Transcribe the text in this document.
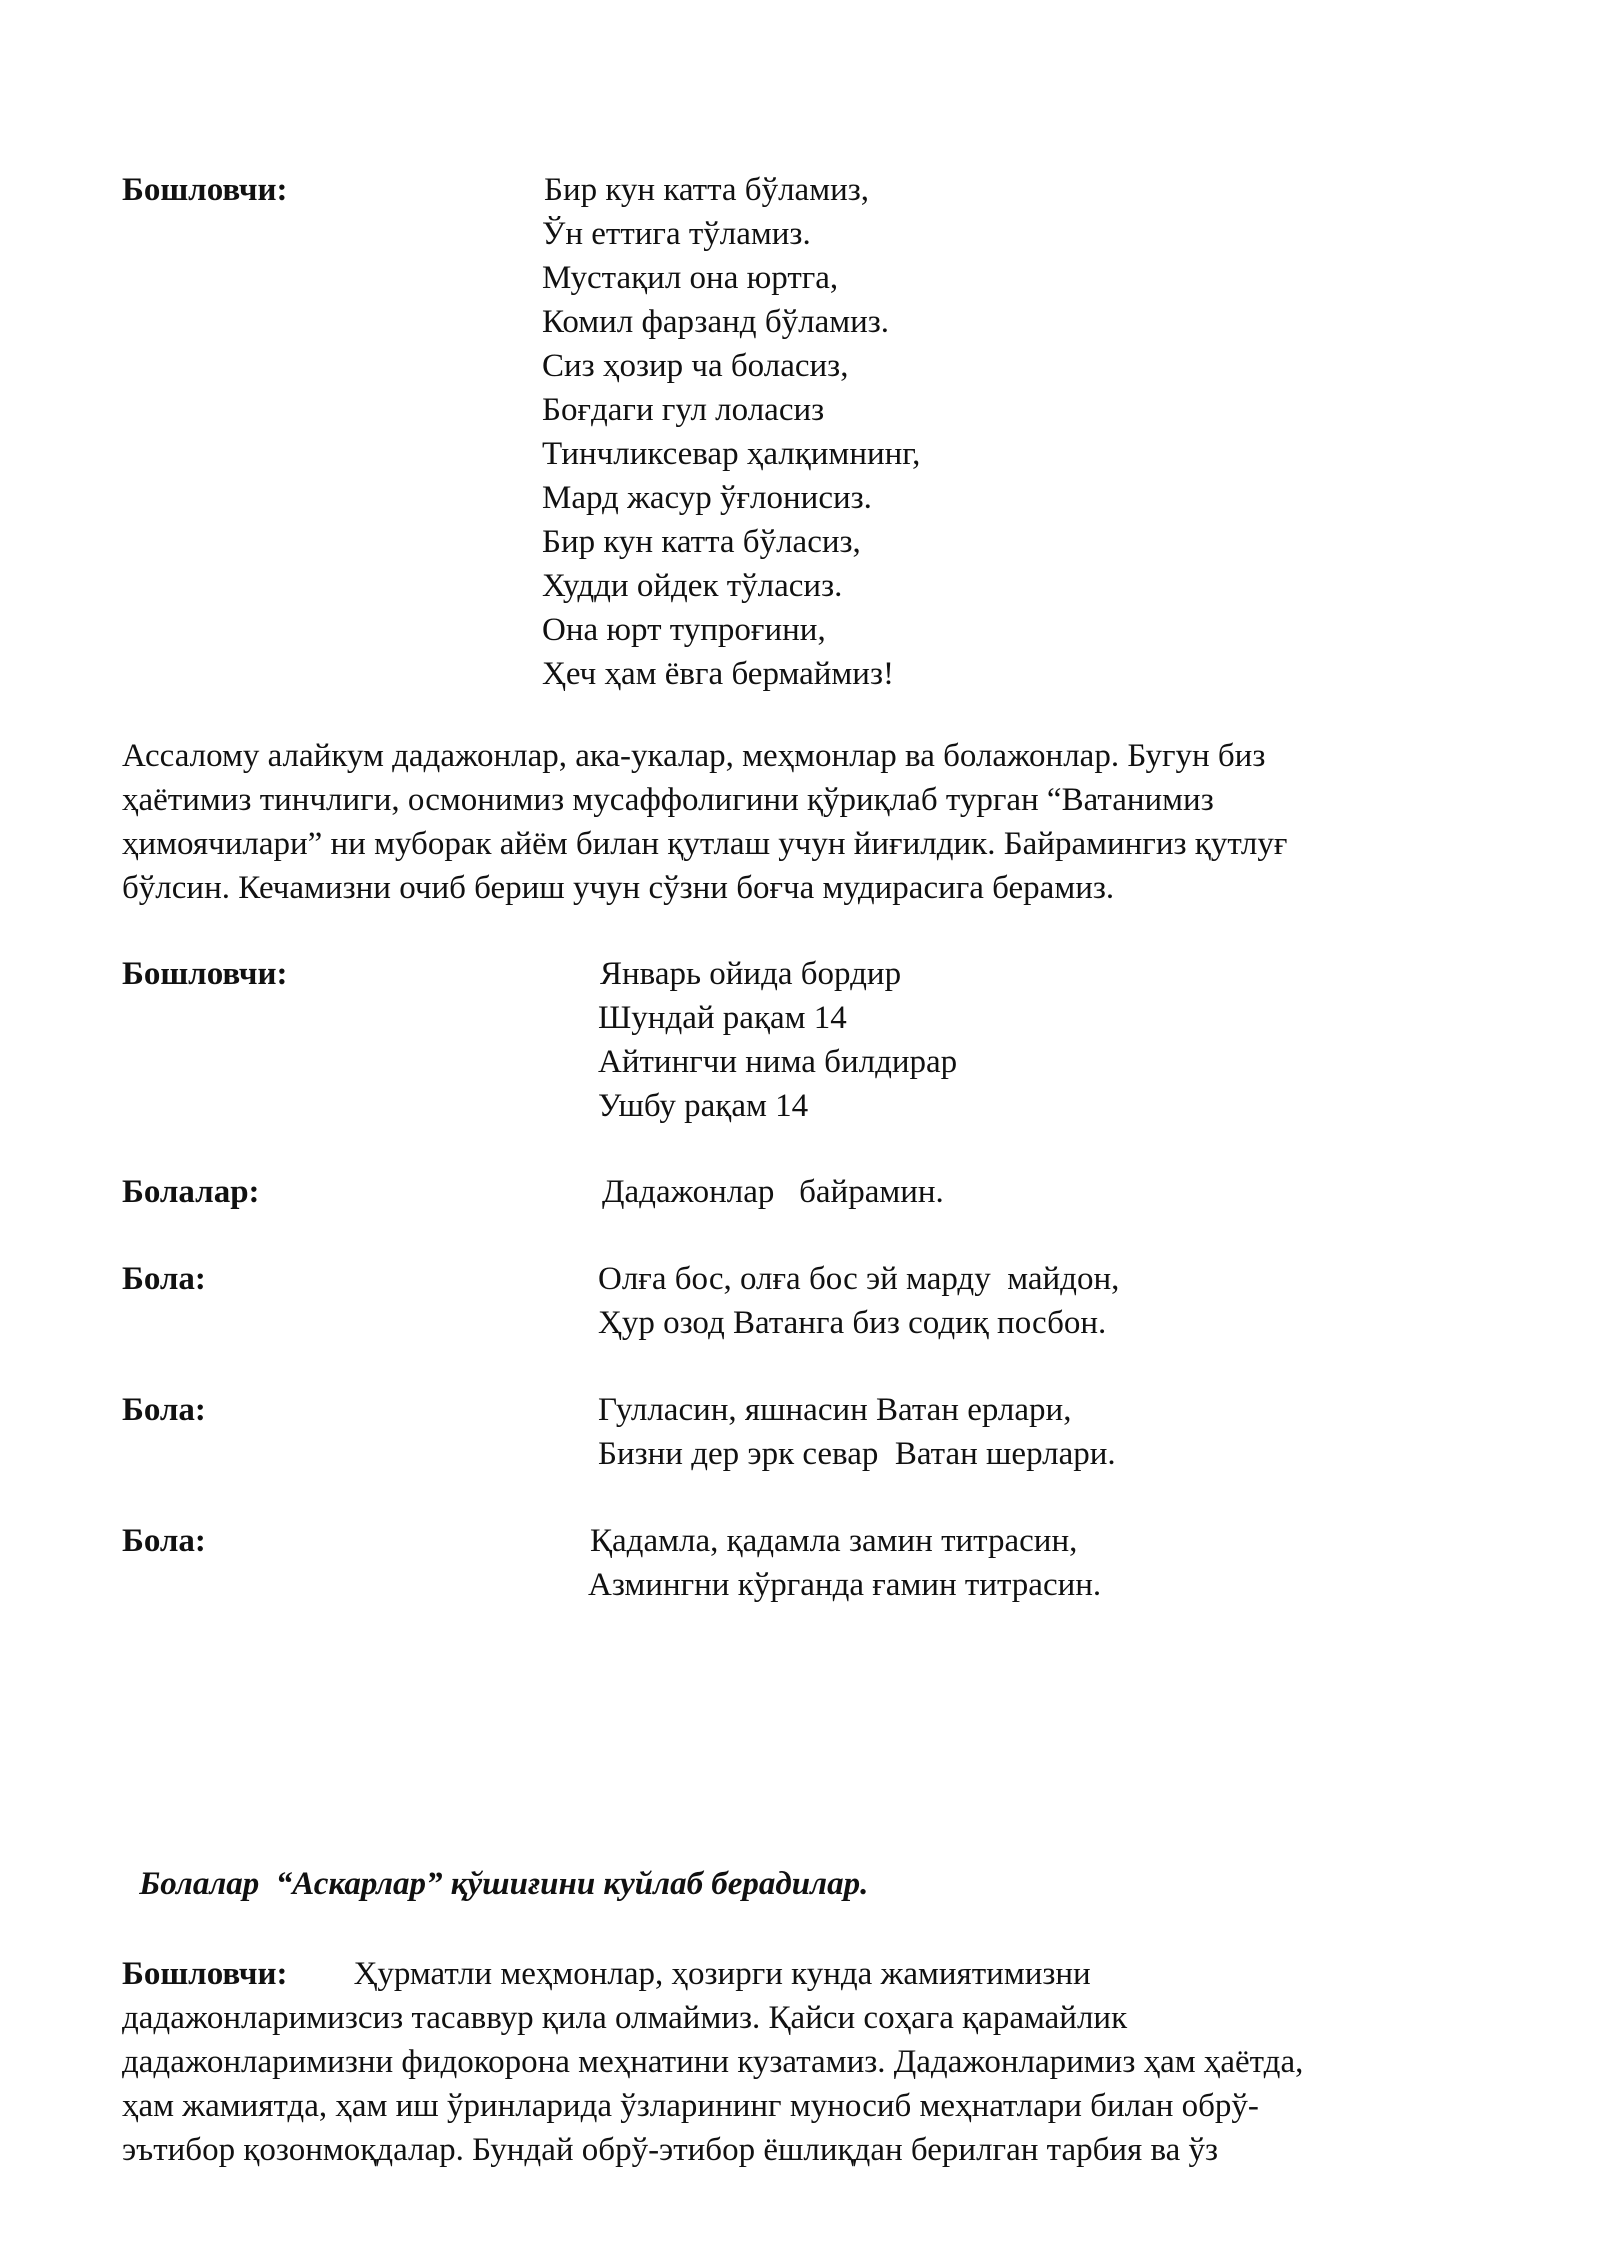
Бошловчи:	Бир кун катта бўламиз,
Ўн еттига тўламиз.
Мустақил она юртга,
Комил фарзанд бўламиз.
Сиз ҳозир ча боласиз,
Боғдаги гул лоласиз
Тинчликсевар ҳалқимнинг,
Мард жасур ўғлонисиз.
Бир кун катта бўласиз,
Худди ойдек тўласиз.
Она юрт тупроғини,
Ҳеч ҳам ёвга бермаймиз!
Ассалому алайкум дадажонлар, ака-укалар, меҳмонлар ва болажонлар. Бугун биз
ҳаётимиз тинчлиги, осмонимиз мусаффолигини қўриқлаб турган “Ватанимиз
ҳимоячилари” ни муборак айём билан қутлаш учун йиғилдик. Байрамингиз қутлуғ
бўлсин. Кечамизни очиб бериш учун сўзни боғча мудирасига берамиз.
Бошловчи:	Январь ойида бордир
Шундай рақам 14
Айтингчи нима билдирар
Ушбу рақам 14
Болалар:	Дадажонлар   байрамин.
Бола:	Олға бос, олға бос эй марду  майдон,
Ҳур озод Ватанга биз содиқ посбон.
Бола:	Гулласин, яшнасин Ватан ерлари,
Бизни дер эрк севар  Ватан шерлари.
Бола:	Қадамла, қадамла замин титрасин,
Азмингни кўрганда ғамин титрасин.
Болалар  “Аскарлар” қўшиғини куйлаб берадилар.
Бошловчи: Ҳурматли меҳмонлар, ҳозирги кунда жамиятимизни
дадажонларимизсиз тасаввур қила олмаймиз. Қайси соҳага қарамайлик
дадажонларимизни фидокорона меҳнатини кузатамиз. Дадажонларимиз ҳам ҳаётда,
ҳам жамиятда, ҳам иш ўринларида ўзларининг муносиб меҳнатлари билан обрў-
эътибор қозонмоқдалар. Бундай обрў-этибор ёшлиқдан берилган тарбия ва ўз
